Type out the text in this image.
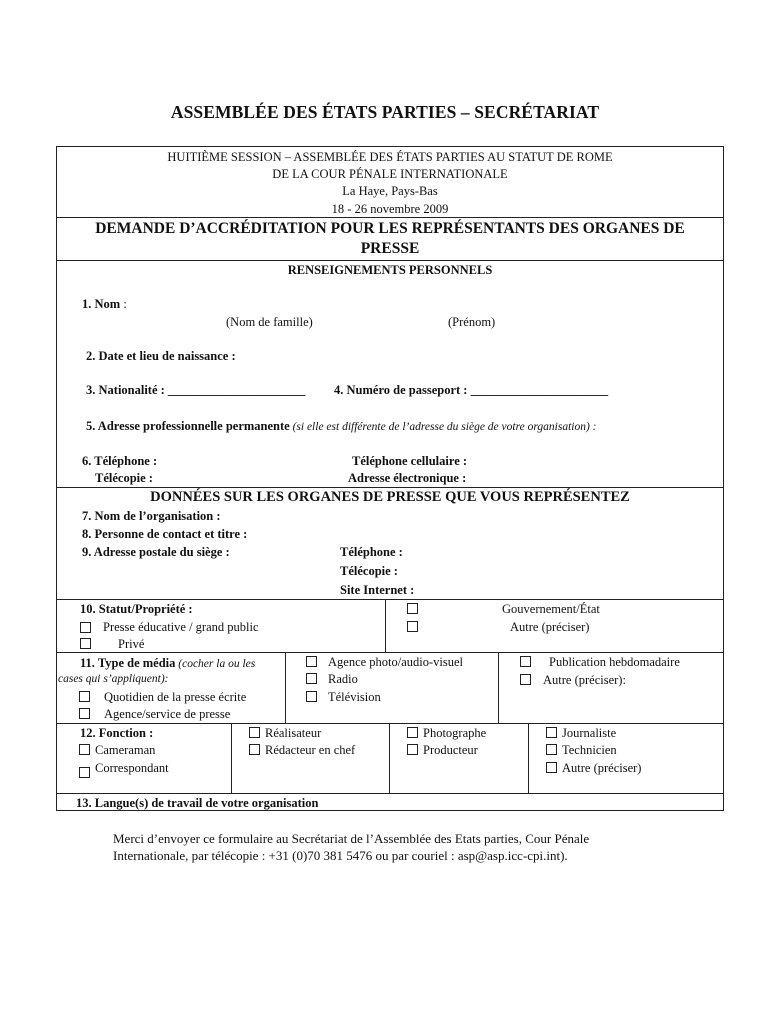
ASSEMBLÉE DES ÉTATS PARTIES – SECRÉTARIAT
HUITIÈME SESSION – ASSEMBLÉE DES ÉTATS PARTIES AU STATUT DE ROME
DE LA COUR PÉNALE INTERNATIONALE
La Haye, Pays-Bas
18 - 26 novembre 2009
DEMANDE D’ACCRÉDITATION POUR LES REPRÉSENTANTS DES ORGANES DE
PRESSE
RENSEIGNEMENTS PERSONNELS
1. Nom :
(Nom de famille)	(Prénom)
2. Date et lieu de naissance :
3. Nationalité : ______________________ 4. Numéro de passeport : ______________________
5. Adresse professionnelle permanente (si elle est différente de l’adresse du siège de votre organisation) :
6. Téléphone :
Télécopie :
Téléphone cellulaire :
Adresse électronique :
DONNÉES SUR LES ORGANES DE PRESSE QUE VOUS REPRÉSENTEZ
7. Nom de l’organisation :
8. Personne de contact et titre :
9. Adresse postale du siège :	Téléphone :
Télécopie :
Site Internet :
10. Statut/Propriété :
Presse éducative / grand public
Privé
Gouvernement/État
Autre (préciser)
11. Type de média (cocher la ou les
cases qui s’appliquent):
Quotidien de la presse écrite
Agence/service de presse
Agence photo/audio-visuel
Radio
Télévision
Publication hebdomadaire
Autre (préciser):
12. Fonction :
Cameraman
Correspondant
Réalisateur
Rédacteur en chef
Photographe
Producteur
Journaliste
Technicien
Autre (préciser)
13. Langue(s) de travail de votre organisation
Merci d’envoyer ce formulaire au Secrétariat de l’Assemblée des Etats parties, Cour Pénale
Internationale, par télécopie : +31 (0)70 381 5476 ou par couriel : asp@asp.icc-cpi.int).
